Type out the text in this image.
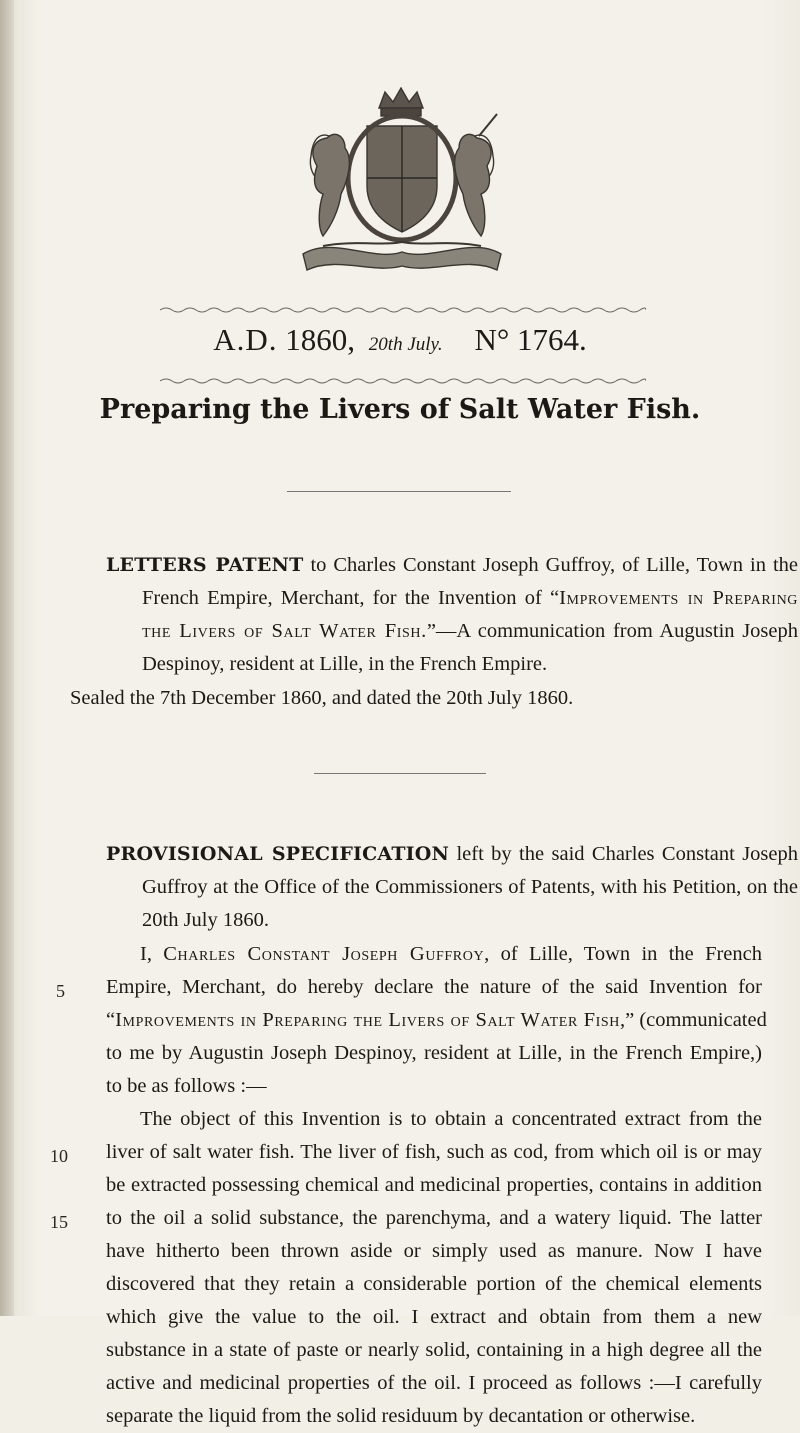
A.D. 1860, 20th July. N° 1764.
Preparing the Livers of Salt Water Fish.
LETTERS PATENT to Charles Constant Joseph Guffroy, of Lille, Town in the French Empire, Merchant, for the Invention of “Improvements in Preparing the Livers of Salt Water Fish.”—A communication from Augustin Joseph Despinoy, resident at Lille, in the French Empire.
Sealed the 7th December 1860, and dated the 20th July 1860.
PROVISIONAL SPECIFICATION left by the said Charles Constant Joseph Guffroy at the Office of the Commissioners of Patents, with his Petition, on the 20th July 1860.
I, Charles Constant Joseph Guffroy, of Lille, Town in the French
Empire, Merchant, do hereby declare the nature of the said Invention for
“Improvements in Preparing the Livers of Salt Water Fish,” (communicated
to me by Augustin Joseph Despinoy, resident at Lille, in the French Empire,)
to be as follows :—
The object of this Invention is to obtain a concentrated extract from the
liver of salt water fish. The liver of fish, such as cod, from which oil is or may
be extracted possessing chemical and medicinal properties, contains in addition
to the oil a solid substance, the parenchyma, and a watery liquid. The latter
have hitherto been thrown aside or simply used as manure. Now I have
discovered that they retain a considerable portion of the chemical elements
which give the value to the oil. I extract and obtain from them a new
substance in a state of paste or nearly solid, containing in a high degree all the
active and medicinal properties of the oil. I proceed as follows :—I carefully
separate the liquid from the solid residuum by decantation or otherwise.
5
10
15
